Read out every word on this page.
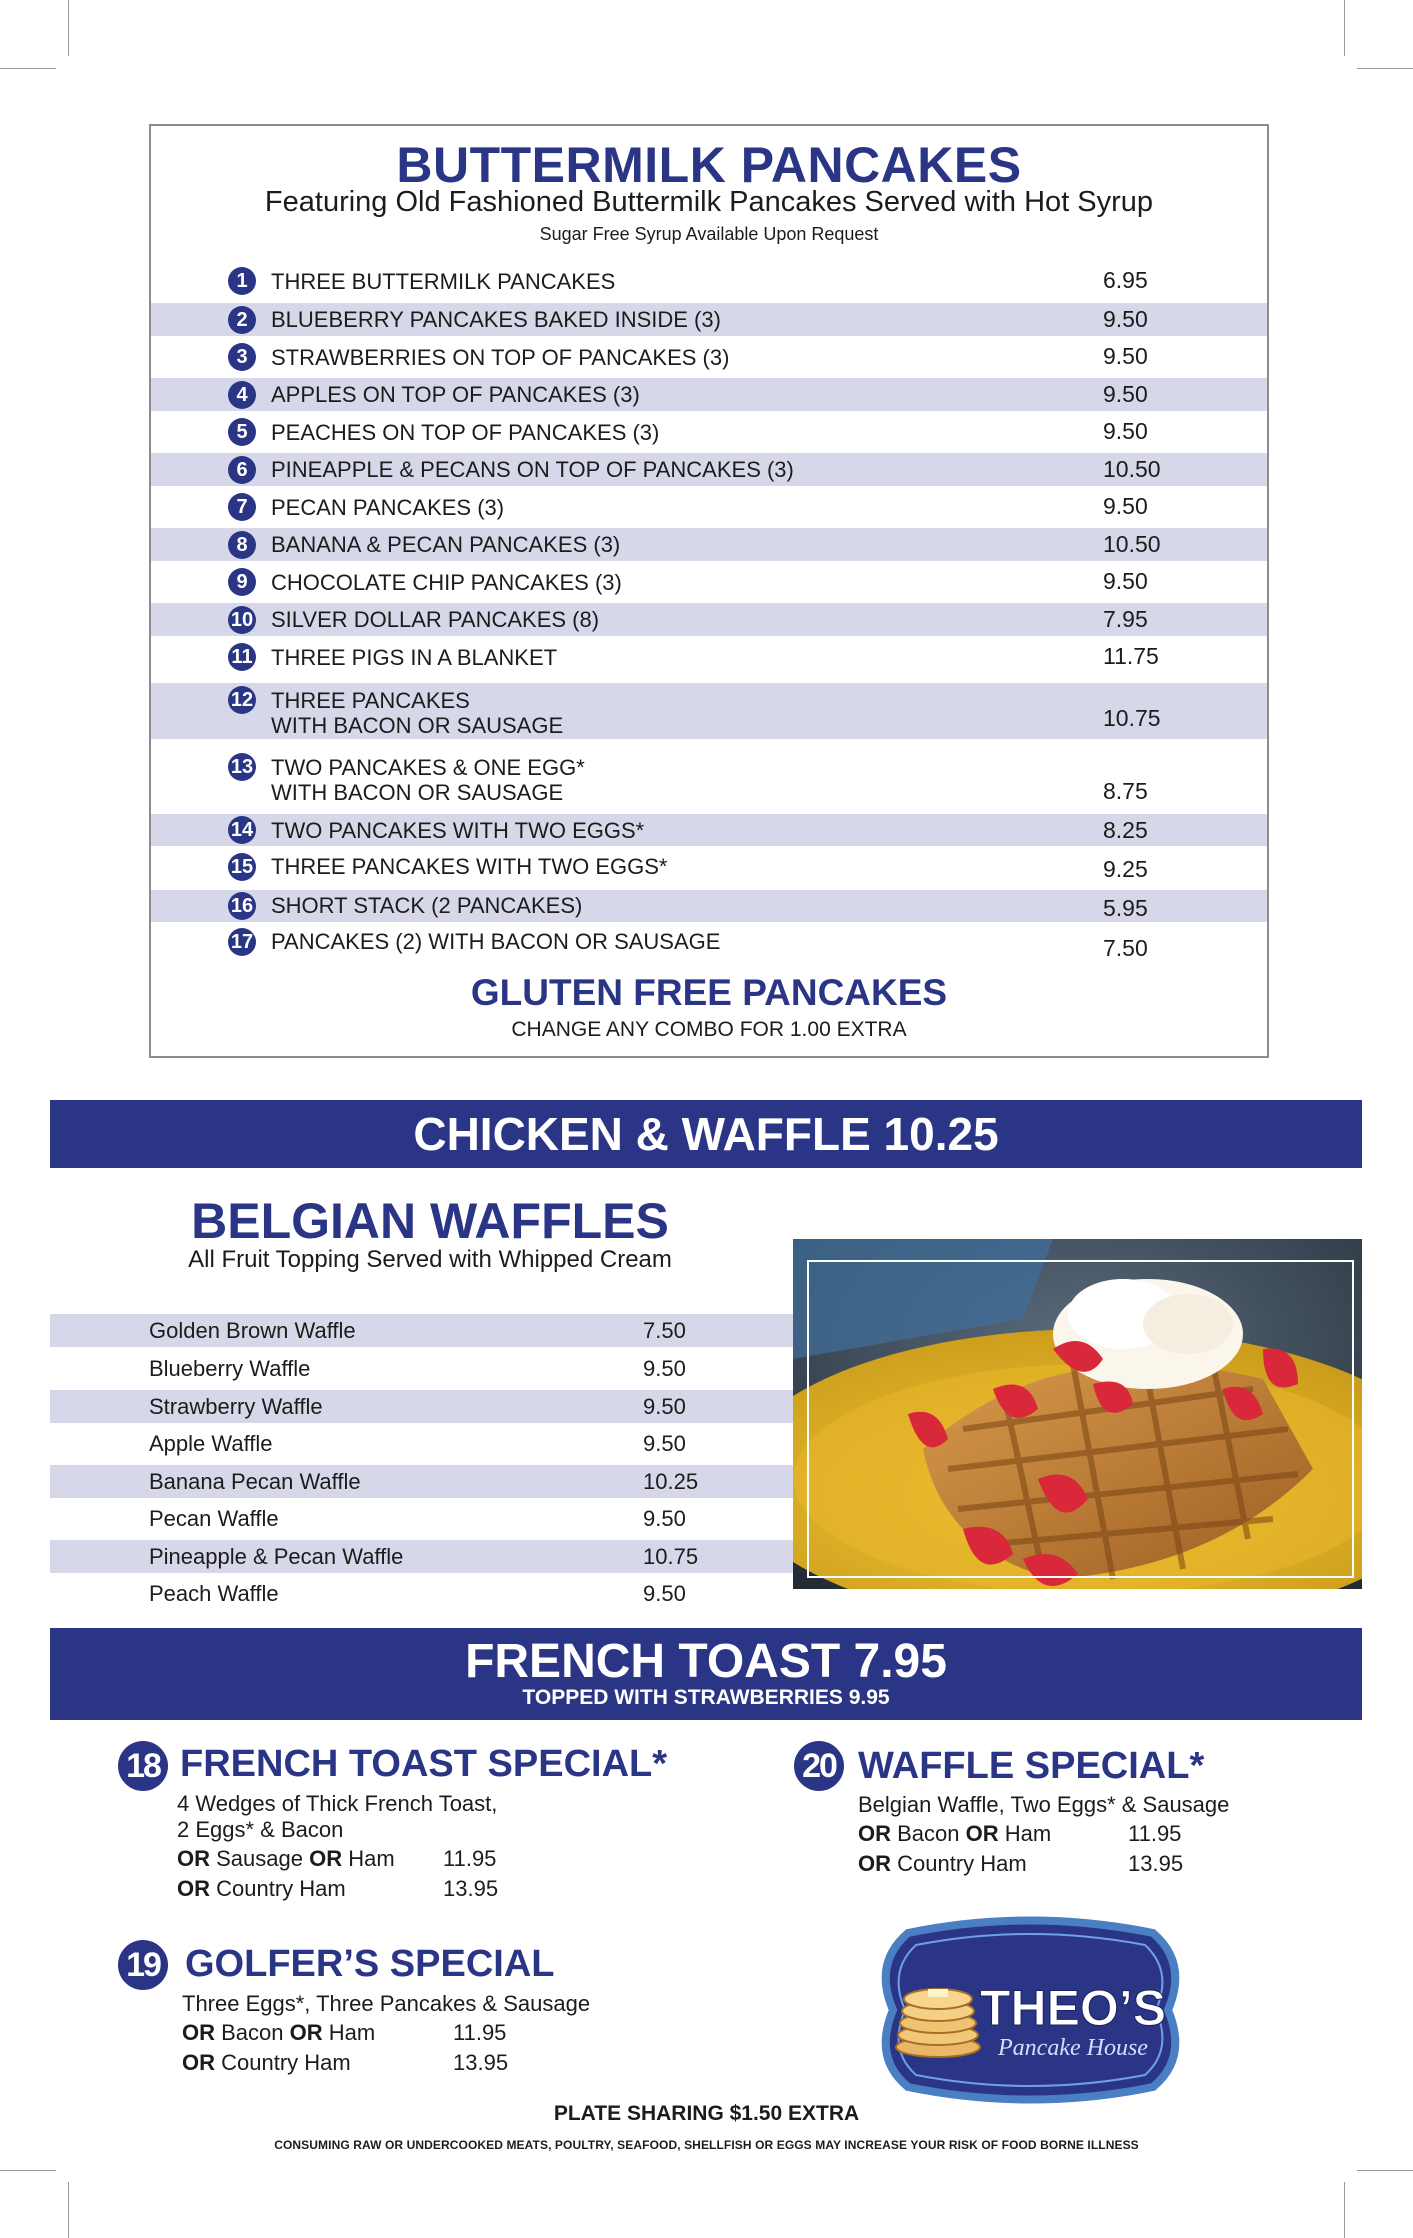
BUTTERMILK PANCAKES
Featuring Old Fashioned Buttermilk Pancakes Served with Hot Syrup
Sugar Free Syrup Available Upon Request
1	THREE BUTTERMILK PANCAKES	6.95
2	BLUEBERRY PANCAKES BAKED INSIDE (3)	9.50
3	STRAWBERRIES ON TOP OF PANCAKES (3)	9.50
4	APPLES ON TOP OF PANCAKES (3)	9.50
5	PEACHES ON TOP OF PANCAKES (3)	9.50
6	PINEAPPLE & PECANS ON TOP OF PANCAKES (3)	10.50
7	PECAN PANCAKES (3)	9.50
8	BANANA & PECAN PANCAKES (3)	10.50
9	CHOCOLATE CHIP PANCAKES (3)	9.50
10 SILVER DOLLAR PANCAKES (8)	7.95
11 THREE PIGS IN A BLANKET	11.75
12 THREE PANCAKES
WITH BACON OR SAUSAGE	10.75
13 TWO PANCAKES & ONE EGG*
WITH BACON OR SAUSAGE	8.75
14 TWO PANCAKES WITH TWO EGGS*	8.25
15 THREE PANCAKES WITH TWO EGGS*	9.25
16 SHORT STACK (2 PANCAKES)	5.95
17 PANCAKES (2) WITH BACON OR SAUSAGE	7.50
GLUTEN FREE PANCAKES
CHANGE ANY COMBO FOR 1.00 EXTRA
CHICKEN & WAFFLE 10.25
BELGIAN WAFFLES
All Fruit Topping Served with Whipped Cream
Golden Brown Waffle	7.50
Blueberry Waffle	9.50
Strawberry Waffle	9.50
Apple Waffle	9.50
Banana Pecan Waffle	10.25
Pecan Waffle	9.50
Pineapple & Pecan Waffle	10.75
Peach Waffle	9.50
FRENCH TOAST 7.95
TOPPED WITH STRAWBERRIES 9.95
18 FRENCH TOAST SPECIAL*
4 Wedges of Thick French Toast,
2 Eggs* & Bacon
OR Sausage OR Ham 11.95
OR Country Ham	13.95
20 WAFFLE SPECIAL*
Belgian Waffle, Two Eggs* & Sausage
OR Bacon OR Ham	11.95
OR Country Ham	13.95
19 GOLFER’S SPECIAL
Three Eggs*, Three Pancakes & Sausage
OR Bacon OR Ham	11.95
OR Country Ham	13.95
THEO’S
Pancake House
PLATE SHARING $1.50 EXTRA
CONSUMING RAW OR UNDERCOOKED MEATS, POULTRY, SEAFOOD, SHELLFISH OR EGGS MAY INCREASE YOUR RISK OF FOOD BORNE ILLNESS
